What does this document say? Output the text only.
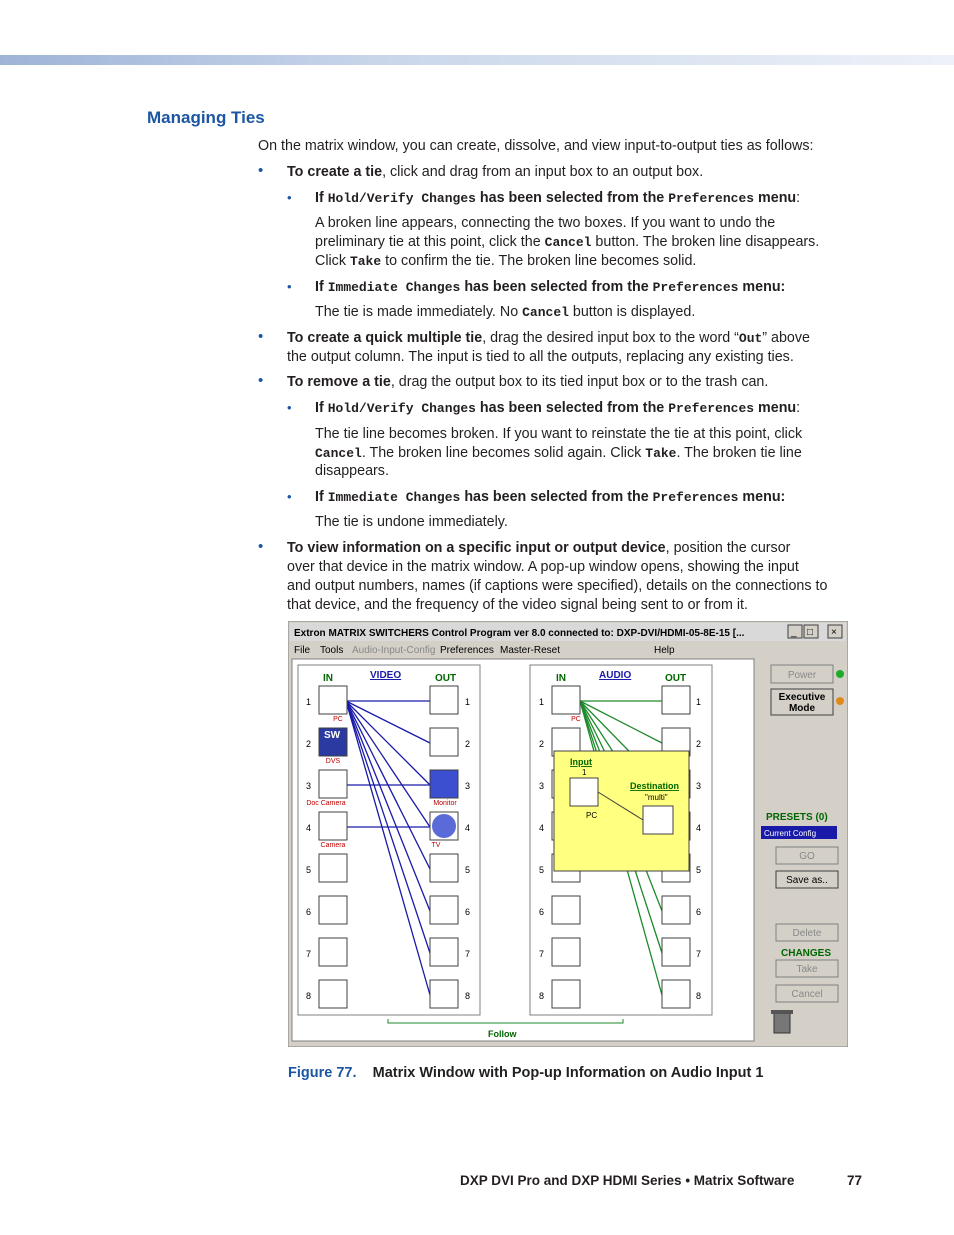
Managing Ties
On the matrix window, you can create, dissolve, and view input-to-output ties as follows:
• To create a tie, click and drag from an input box to an output box.
• If Hold/Verify Changes has been selected from the Preferences menu:
A broken line appears, connecting the two boxes. If you want to undo the
preliminary tie at this point, click the Cancel button. The broken line disappears.
Click Take to confirm the tie. The broken line becomes solid.
• If Immediate Changes has been selected from the Preferences menu:
The tie is made immediately. No Cancel button is displayed.
• To create a quick multiple tie, drag the desired input box to the word “Out” above
the output column. The input is tied to all the outputs, replacing any existing ties.
• To remove a tie, drag the output box to its tied input box or to the trash can.
• If Hold/Verify Changes has been selected from the Preferences menu:
The tie line becomes broken. If you want to reinstate the tie at this point, click
Cancel. The broken line becomes solid again. Click Take. The broken tie line
disappears.
• If Immediate Changes has been selected from the Preferences menu:
The tie is undone immediately.
• To view information on a specific input or output device, position the cursor
over that device in the matrix window. A pop-up window opens, showing the input
and output numbers, names (if captions were specified), details on the connections to
that device, and the frequency of the video signal being sent to or from it.
Extron MATRIX SWITCHERS Control Program ver 8.0 connected to: DXP-DVI/HDMI-05-8E-15 [...	_ □ ×
File Tools Audio-Input-Config Preferences Master-Reset	Help
IN	OUT	IN	OUT
VIDEO	AUDIO
SW
1
2
3
4
5
6
7
8
1
2
3
4
5
6
7
8
1
2
3
4
5
6
7
8
1
2
3
4
5
6
7
8
PC
DVS
Doc Camera
Camera
Monitor
TV
PC
Input
Destination
1
"multi"
PC
Power
Executive
Mode
PRESETS (0)
Current Config
GO
Save as..
Delete
CHANGES
Take
Cancel
Follow
Figure 77. Matrix Window with Pop-up Information on Audio Input 1
DXP DVI Pro and DXP HDMI Series • Matrix Software	77
